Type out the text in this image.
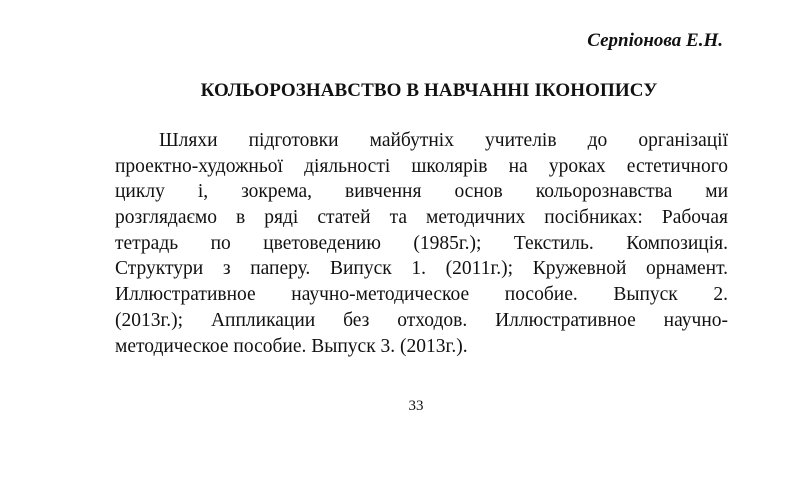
Серпіонова Е.Н.

КОЛЬОРОЗНАВСТВО В НАВЧАННІ ІКОНОПИСУ
Шляхи підготовки майбутніх учителів до організації
проектно-художньої діяльності школярів на уроках естетичного
циклу і, зокрема, вивчення основ кольорознавства ми
розглядаємо в ряді статей та методичних посібниках: Рабочая
тетрадь по цветоведению (1985г.); Текстиль. Композиція.
Структури з паперу. Випуск 1. (2011г.); Кружевной орнамент.
Иллюстративное научно-методическое пособие. Выпуск 2.
(2013г.); Аппликации без отходов. Иллюстративное научно-
методическое пособие. Выпуск 3. (2013г.).

33
